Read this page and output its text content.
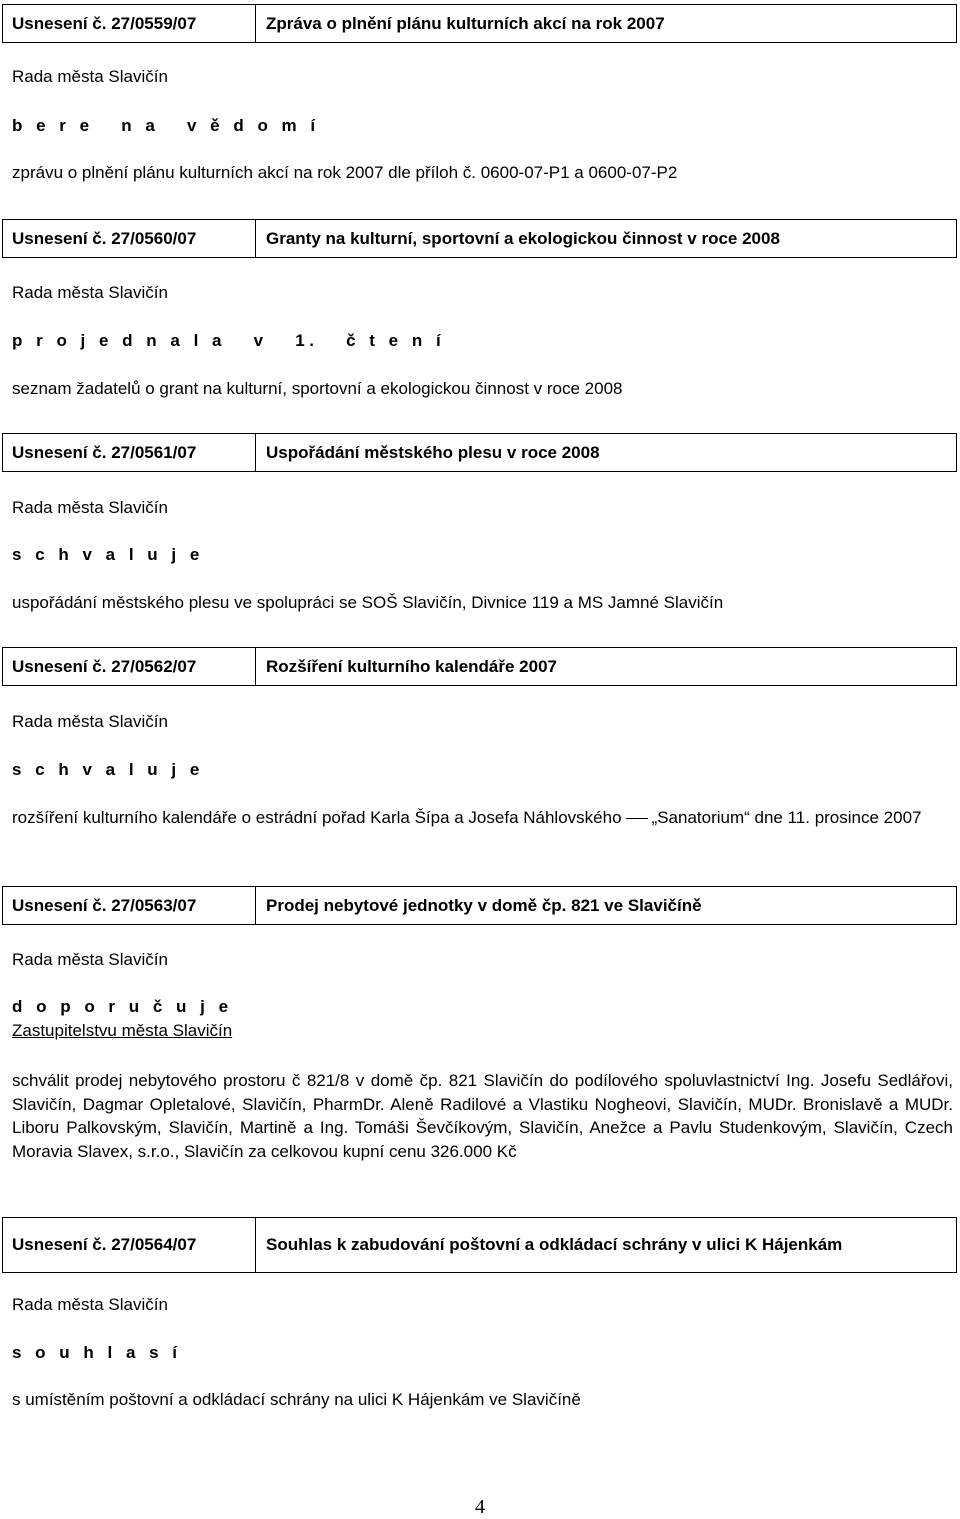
Usnesení č. 27/0559/07	Zpráva o plnění plánu kulturních akcí na rok 2007
Rada města Slavičín
b e r e   n a   v ě d o m í
zprávu o plnění plánu kulturních akcí na rok 2007 dle příloh č. 0600-07-P1 a 0600-07-P2
Usnesení č. 27/0560/07	Granty na kulturní, sportovní a ekologickou činnost v roce 2008
Rada města Slavičín
p r o j e d n a l a   v   1.   č t e n í
seznam žadatelů o grant na kulturní, sportovní a ekologickou činnost v roce 2008
Usnesení č. 27/0561/07	Uspořádání městského plesu v roce 2008
Rada města Slavičín
s c h v a l u j e
uspořádání městského plesu ve spolupráci se SOŠ Slavičín, Divnice 119 a MS Jamné Slavičín
Usnesení č. 27/0562/07	Rozšíření kulturního kalendáře 2007
Rada města Slavičín
s c h v a l u j e
rozšíření kulturního kalendáře o estrádní pořad Karla Šípa a Josefa Náhlovského „Sanatorium“ dne 11. prosince 2007
Usnesení č. 27/0563/07	Prodej nebytové jednotky v domě čp. 821 ve Slavičíně
Rada města Slavičín
d o p o r u č u j e
Zastupitelstvu města Slavičín
schválit prodej nebytového prostoru č 821/8 v domě čp. 821 Slavičín do podílového spoluvlastnictví Ing. Josefu Sedlářovi, Slavičín, Dagmar Opletalové, Slavičín, PharmDr. Aleně Radilové a Vlastiku Nogheovi, Slavičín, MUDr. Bronislavě a MUDr. Liboru Palkovským, Slavičín, Martině a Ing. Tomáši Ševčíkovým, Slavičín, Anežce a Pavlu Studenkovým, Slavičín, Czech Moravia Slavex, s.r.o., Slavičín za celkovou kupní cenu 326.000 Kč
Usnesení č. 27/0564/07	Souhlas k zabudování poštovní a odkládací schrány v ulici K Hájenkám
Rada města Slavičín
s o u h l a s í
s umístěním poštovní a odkládací schrány na ulici K Hájenkám ve Slavičíně
4
